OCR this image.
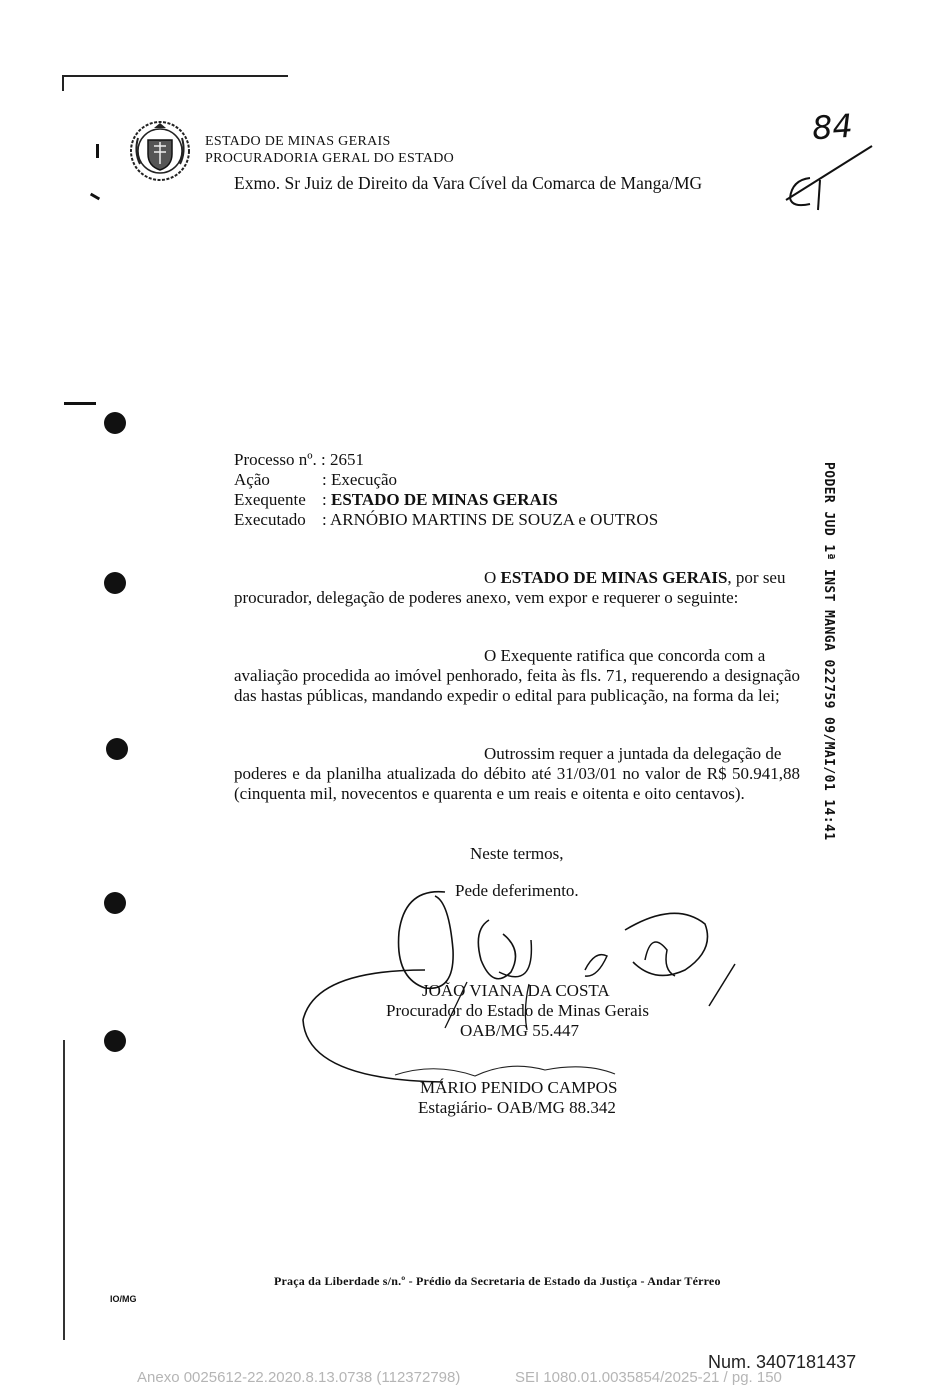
ESTADO DE MINAS GERAIS
PROCURADORIA GERAL DO ESTADO
Exmo. Sr Juiz de Direito da Vara Cível da Comarca de Manga/MG
84
Processo nº.
: 2651
Ação	: Execução
Exequente : ESTADO DE MINAS GERAIS
Executado : ARNÓBIO MARTINS DE SOUZA e OUTROS
O ESTADO DE MINAS GERAIS, por seu
procurador, delegação de poderes anexo, vem expor e requerer o seguinte:
O Exequente ratifica que concorda com a
avaliação procedida ao imóvel penhorado, feita às fls. 71, requerendo a designação das hastas públicas, mandando expedir o edital para publicação, na forma da lei;
Outrossim requer a juntada da delegação de
poderes e da planilha atualizada do débito até 31/03/01 no valor de R$ 50.941,88 (cinquenta mil, novecentos e quarenta e um reais e oitenta e oito centavos).
Neste termos,
Pede deferimento.
JOÃO VIANA DA COSTA
Procurador do Estado de Minas Gerais
OAB/MG 55.447
MÁRIO PENIDO CAMPOS
Estagiário- OAB/MG 88.342
PODER JUD 1ª INST MANGA 022759 09/MAI/01 14:41
Praça da Liberdade s/n.º - Prédio da Secretaria de Estado da Justiça - Andar Térreo
IO/MG
Num. 3407181437
Anexo 0025612-22.2020.8.13.0738 (112372798)	SEI 1080.01.0035854/2025-21 / pg. 150
